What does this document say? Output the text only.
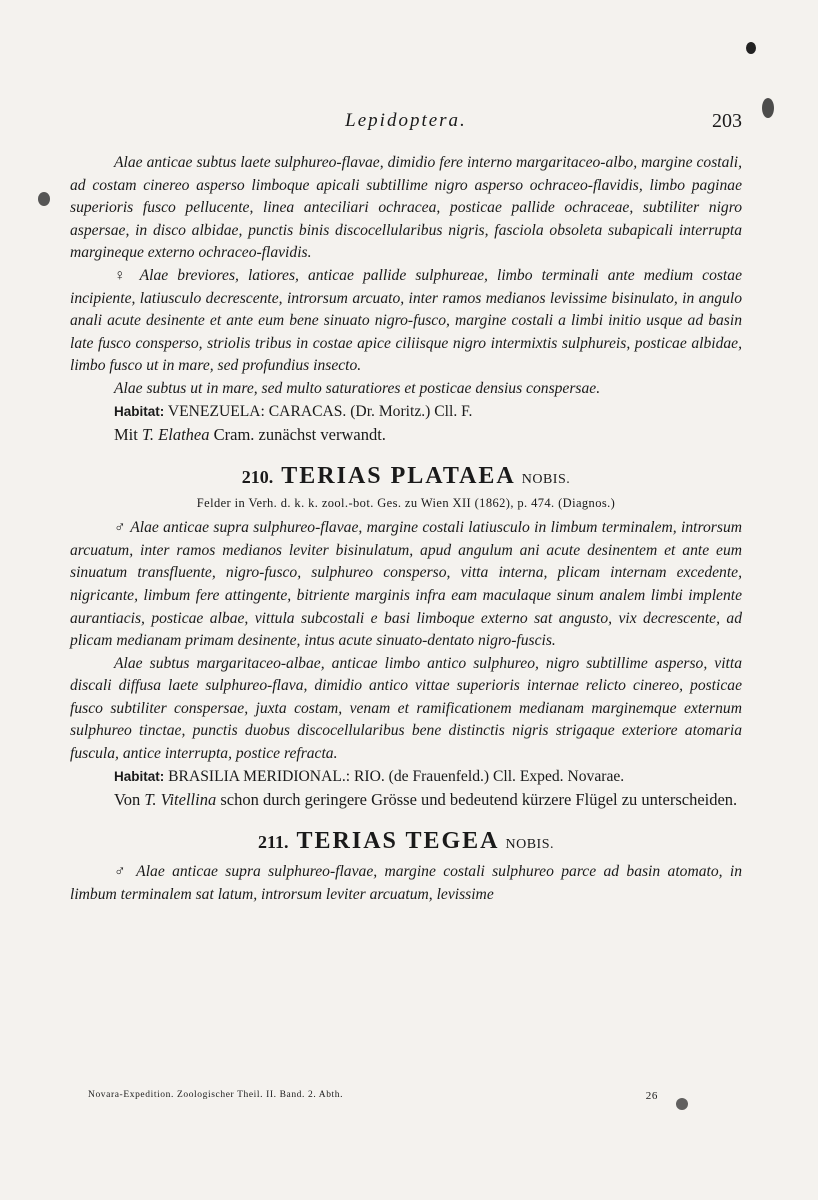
Lepidoptera.	203

Alae anticae subtus laete sulphureo-flavae, dimidio fere interno margaritaceo-albo, margine costali, ad costam cinereo asperso limboque apicali subtillime nigro asperso ochraceo-flavidis, limbo paginae superioris fusco pellucente, linea anteciliari ochracea, posticae pallide ochraceae, subtiliter nigro aspersae, in disco albidae, punctis binis discocellularibus nigris, fasciola obsoleta subapicali interrupta margineque externo ochraceo-flavidis.

♀ Alae breviores, latiores, anticae pallide sulphureae, limbo terminali ante medium costae incipiente, latiusculo decrescente, introrsum arcuato, inter ramos medianos levissime bisinulato, in angulo anali acute desinente et ante eum bene sinuato nigro-fusco, margine costali a limbi initio usque ad basin late fusco consperso, striolis tribus in costae apice ciliisque nigro intermixtis sulphureis, posticae albidae, limbo fusco ut in mare, sed profundius insecto.

Alae subtus ut in mare, sed multo saturatiores et posticae densius conspersae.

Habitat: VENEZUELA: CARACAS. (Dr. Moritz.) Cll. F.

Mit T. Elathea Cram. zunächst verwandt.

210. TERIAS PLATAEA NOBIS.

Felder in Verh. d. k. k. zool.-bot. Ges. zu Wien XII (1862), p. 474. (Diagnos.)

♂ Alae anticae supra sulphureo-flavae, margine costali latiusculo in limbum terminalem, introrsum arcuatum, inter ramos medianos leviter bisinulatum, apud angulum ani acute desinentem et ante eum sinuatum transfluente, nigro-fusco, sulphureo consperso, vitta interna, plicam internam excedente, nigricante, limbum fere attingente, bitriente marginis infra eam maculaque sinum analem limbi implente aurantiacis, posticae albae, vittula subcostali e basi limboque externo sat angusto, vix decrescente, ad plicam medianam primam desinente, intus acute sinuato-dentato nigro-fuscis.

Alae subtus margaritaceo-albae, anticae limbo antico sulphureo, nigro subtillime asperso, vitta discali diffusa laete sulphureo-flava, dimidio antico vittae superioris internae relicto cinereo, posticae fusco subtiliter conspersae, juxta costam, venam et ramificationem medianam marginemque externum sulphureo tinctae, punctis duobus discocellularibus bene distinctis nigris strigaque exteriore atomaria fuscula, antice interrupta, postice refracta.

Habitat: BRASILIA MERIDIONAL.: RIO. (de Frauenfeld.) Cll. Exped. Novarae.

Von T. Vitellina schon durch geringere Grösse und bedeutend kürzere Flügel zu unterscheiden.

211. TERIAS TEGEA NOBIS.

♂ Alae anticae supra sulphureo-flavae, margine costali sulphureo parce ad basin atomato, in limbum terminalem sat latum, introrsum leviter arcuatum, levissime

Novara-Expedition. Zoologischer Theil. II. Band. 2. Abth.	26
